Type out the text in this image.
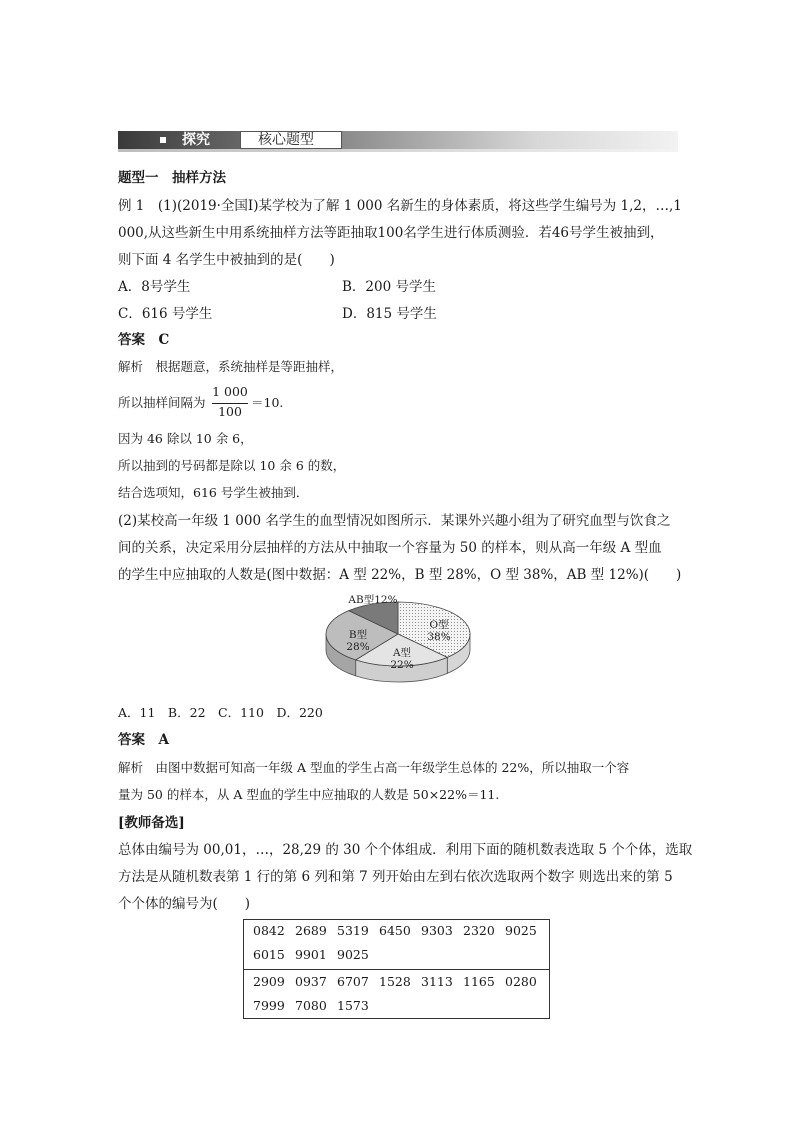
探究	核心题型
题型一　抽样方法
例 1　(1)(2019·全国Ⅰ)某学校为了解 1 000 名新生的身体素质，将这些学生编号为 1,2，…,1
000,从这些新生中用系统抽样方法等距抽取100名学生进行体质测验．若46号学生被抽到，
则下面 4 名学生中被抽到的是(　　)
A．8号学生	B．200 号学生
C．616 号学生	D．815 号学生
答案　C
解析　根据题意，系统抽样是等距抽样，
所以抽样间隔为
1 000
100
＝10.
因为 46 除以 10 余 6，
所以抽到的号码都是除以 10 余 6 的数，
结合选项知，616 号学生被抽到．
(2)某校高一年级 1 000 名学生的血型情况如图所示．某课外兴趣小组为了研究血型与饮食之
间的关系，决定采用分层抽样的方法从中抽取一个容量为 50 的样本，则从高一年级 A 型血
的学生中应抽取的人数是(图中数据：A 型 22%，B 型 28%，O 型 38%，AB 型 12%)(　　)
O型
38%
A型
22%
B型
28%
AB型12%
A．11　B．22　C．110　D．220
答案　A
解析　由图中数据可知高一年级 A 型血的学生占高一年级学生总体的 22%，所以抽取一个容
量为 50 的样本，从 A 型血的学生中应抽取的人数是 50×22%＝11.
[教师备选]
总体由编号为 00,01，…，28,29 的 30 个个体组成．利用下面的随机数表选取 5 个个体，选取
方法是从随机数表第 1 行的第 6 列和第 7 列开始由左到右依次选取两个数字 则选出来的第 5
个个体的编号为(　　)
0842 2689 5319 6450 9303 2320 9025
6015 9901 9025
2909 0937 6707 1528 3113 1165 0280
7999 7080 1573
